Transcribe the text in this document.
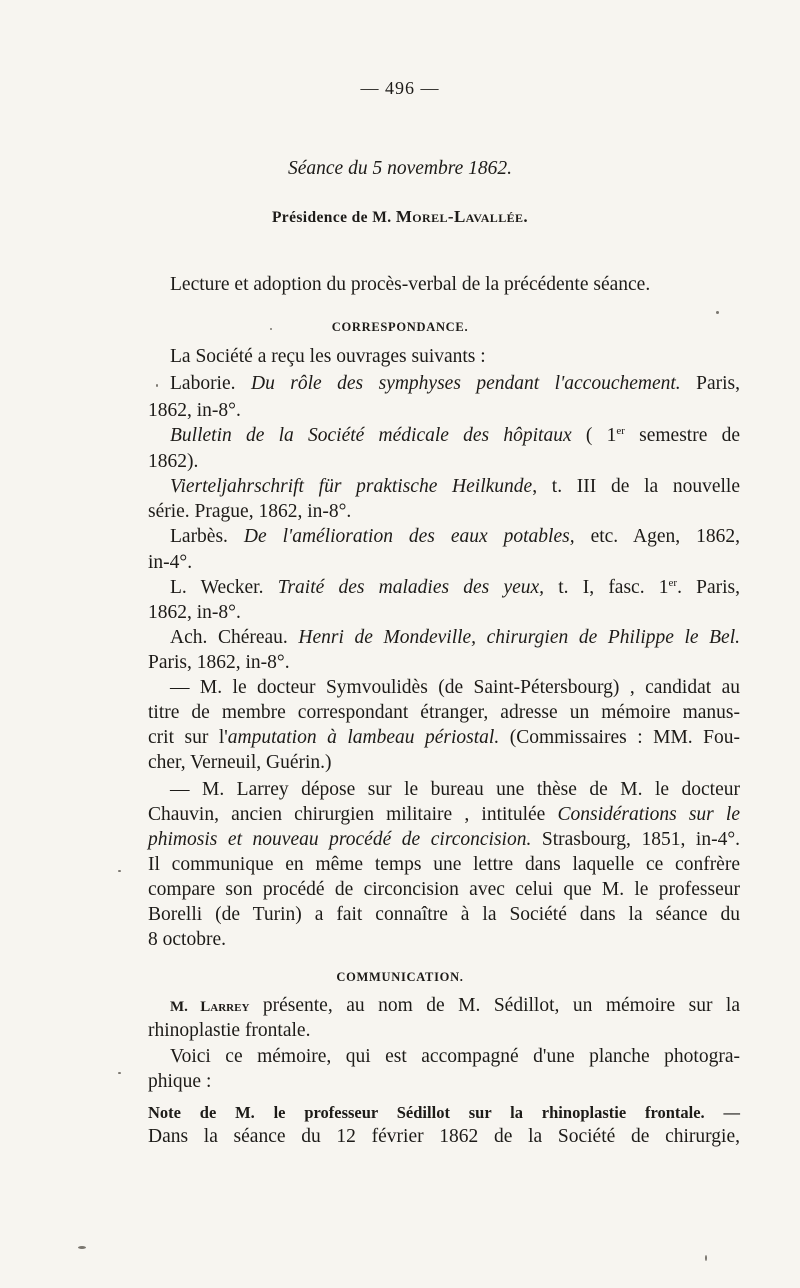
— 496 —
Séance du 5 novembre 1862.
Présidence de M. Morel-Lavallée.
Lecture et adoption du procès-verbal de la précédente séance.
CORRESPONDANCE.
La Société a reçu les ouvrages suivants :
Laborie. Du rôle des symphyses pendant l'accouchement. Paris,
1862, in-8°.
Bulletin de la Société médicale des hôpitaux ( 1er semestre de
1862).
Vierteljahrschrift für praktische Heilkunde, t. III de la nouvelle
série. Prague, 1862, in-8°.
Larbès. De l'amélioration des eaux potables, etc. Agen, 1862,
in-4°.
L. Wecker. Traité des maladies des yeux, t. I, fasc. 1er. Paris,
1862, in-8°.
Ach. Chéreau. Henri de Mondeville, chirurgien de Philippe le Bel.
Paris, 1862, in-8°.
— M. le docteur Symvoulidès (de Saint-Pétersbourg) , candidat au
titre de membre correspondant étranger, adresse un mémoire manus-
crit sur l'amputation à lambeau périostal. (Commissaires : MM. Fou-
cher, Verneuil, Guérin.)
— M. Larrey dépose sur le bureau une thèse de M. le docteur
Chauvin, ancien chirurgien militaire , intitulée Considérations sur le
phimosis et nouveau procédé de circoncision. Strasbourg, 1851, in-4°.
Il communique en même temps une lettre dans laquelle ce confrère
compare son procédé de circoncision avec celui que M. le professeur
Borelli (de Turin) a fait connaître à la Société dans la séance du
8 octobre.
COMMUNICATION.
M. Larrey présente, au nom de M. Sédillot, un mémoire sur la
rhinoplastie frontale.
Voici ce mémoire, qui est accompagné d'une planche photogra-
phique :
Note de M. le professeur Sédillot sur la rhinoplastie frontale. —
Dans la séance du 12 février 1862 de la Société de chirurgie,
